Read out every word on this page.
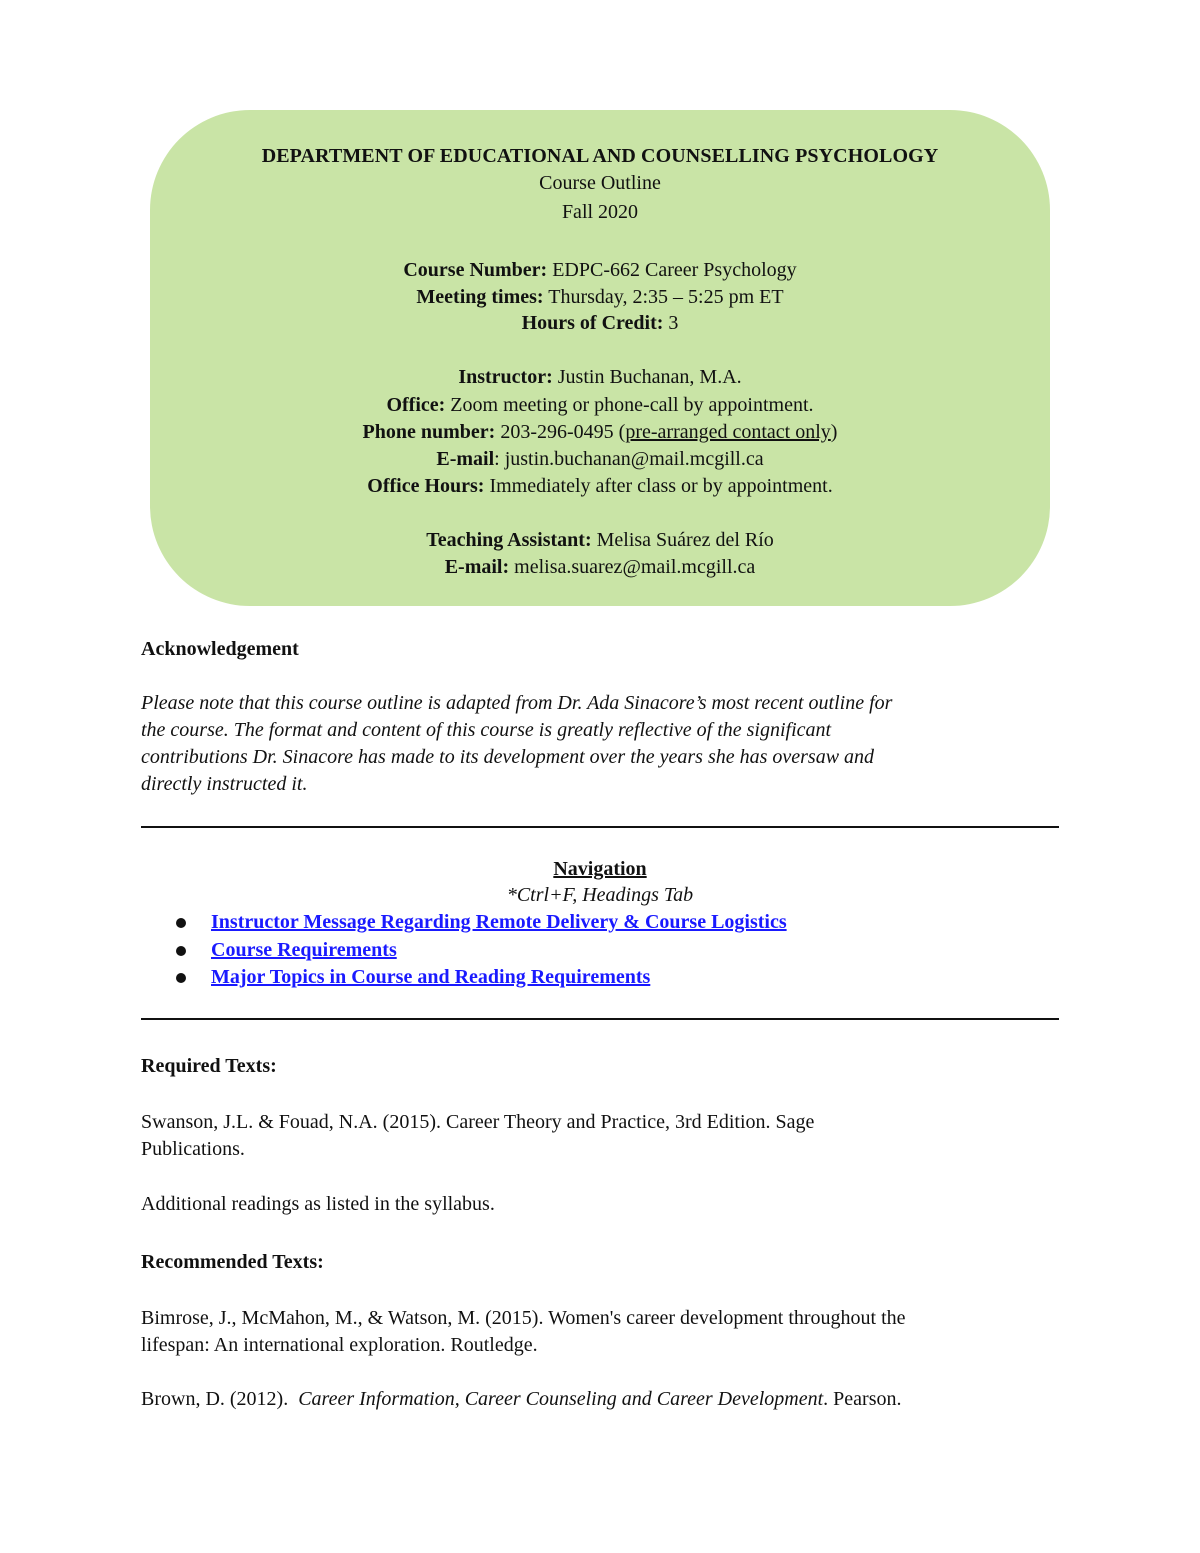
DEPARTMENT OF EDUCATIONAL AND COUNSELLING PSYCHOLOGY
Course Outline
Fall 2020
Course Number: EDPC-662 Career Psychology
Meeting times: Thursday, 2:35 – 5:25 pm ET
Hours of Credit: 3
Instructor: Justin Buchanan, M.A.
Office: Zoom meeting or phone-call by appointment.
Phone number: 203-296-0495 (pre-arranged contact only)
E-mail: justin.buchanan@mail.mcgill.ca
Office Hours: Immediately after class or by appointment.
Teaching Assistant: Melisa Suárez del Río
E-mail: melisa.suarez@mail.mcgill.ca
Acknowledgement
Please note that this course outline is adapted from Dr. Ada Sinacore’s most recent outline for
the course. The format and content of this course is greatly reflective of the significant
contributions Dr. Sinacore has made to its development over the years she has oversaw and
directly instructed it.
Navigation
*Ctrl+F, Headings Tab
Instructor Message Regarding Remote Delivery & Course Logistics
Course Requirements
Major Topics in Course and Reading Requirements
Required Texts:
Swanson, J.L. & Fouad, N.A. (2015). Career Theory and Practice, 3rd Edition. Sage
Publications.
Additional readings as listed in the syllabus.
Recommended Texts:
Bimrose, J., McMahon, M., & Watson, M. (2015). Women's career development throughout the
lifespan: An international exploration. Routledge.
Brown, D. (2012).  Career Information, Career Counseling and Career Development. Pearson.
